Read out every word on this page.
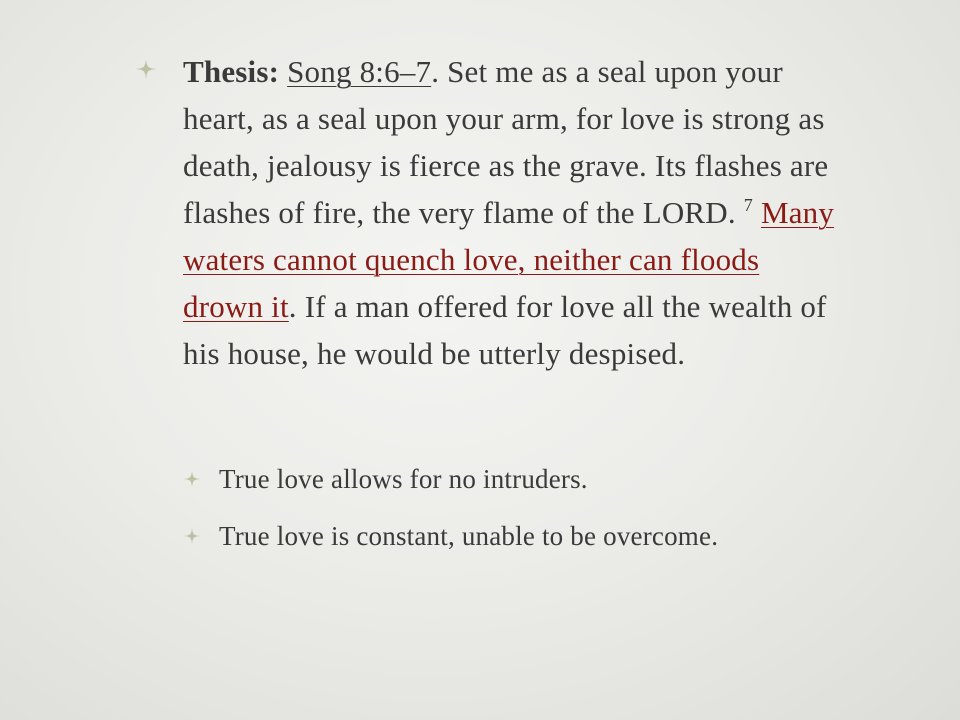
Thesis: Song 8:6–7. Set me as a seal upon your heart, as a seal upon your arm, for love is strong as death, jealousy is fierce as the grave. Its flashes are flashes of fire, the very flame of the LORD. $^7$ Many waters cannot quench love, neither can floods drown it. If a man offered for love all the wealth of his house, he would be utterly despised.
True love allows for no intruders.
True love is constant, unable to be overcome.
